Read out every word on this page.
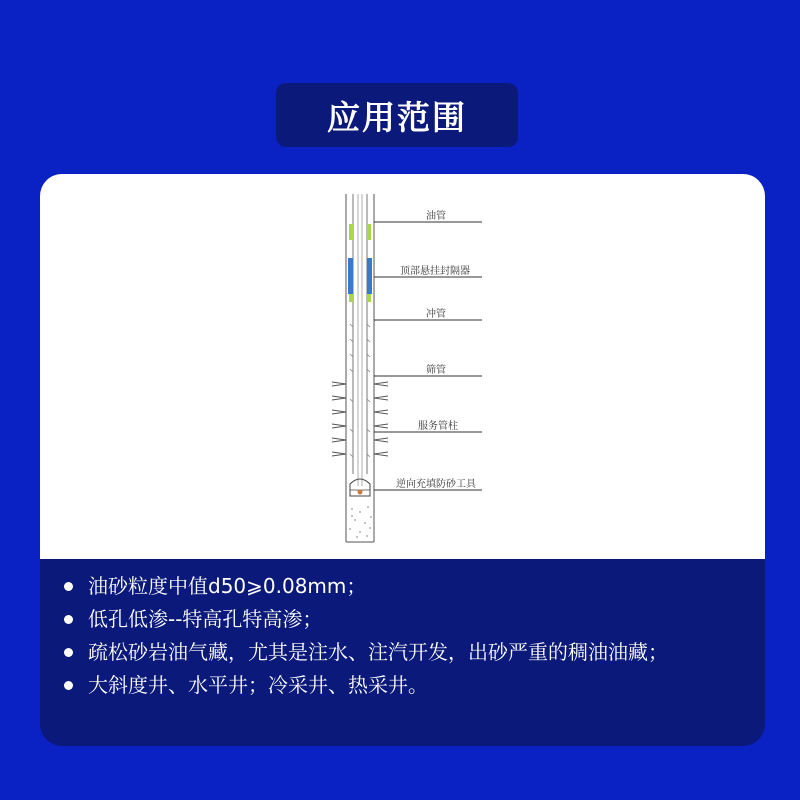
应用范围
油管
顶部悬挂封隔器
冲管
筛管
服务管柱
逆向充填防砂工具
油砂粒度中值d50⩾0.08mm；
低孔低渗--特高孔特高渗；
疏松砂岩油气藏，尤其是注水、注汽开发，出砂严重的稠油油藏；
大斜度井、水平井；冷采井、热采井。
